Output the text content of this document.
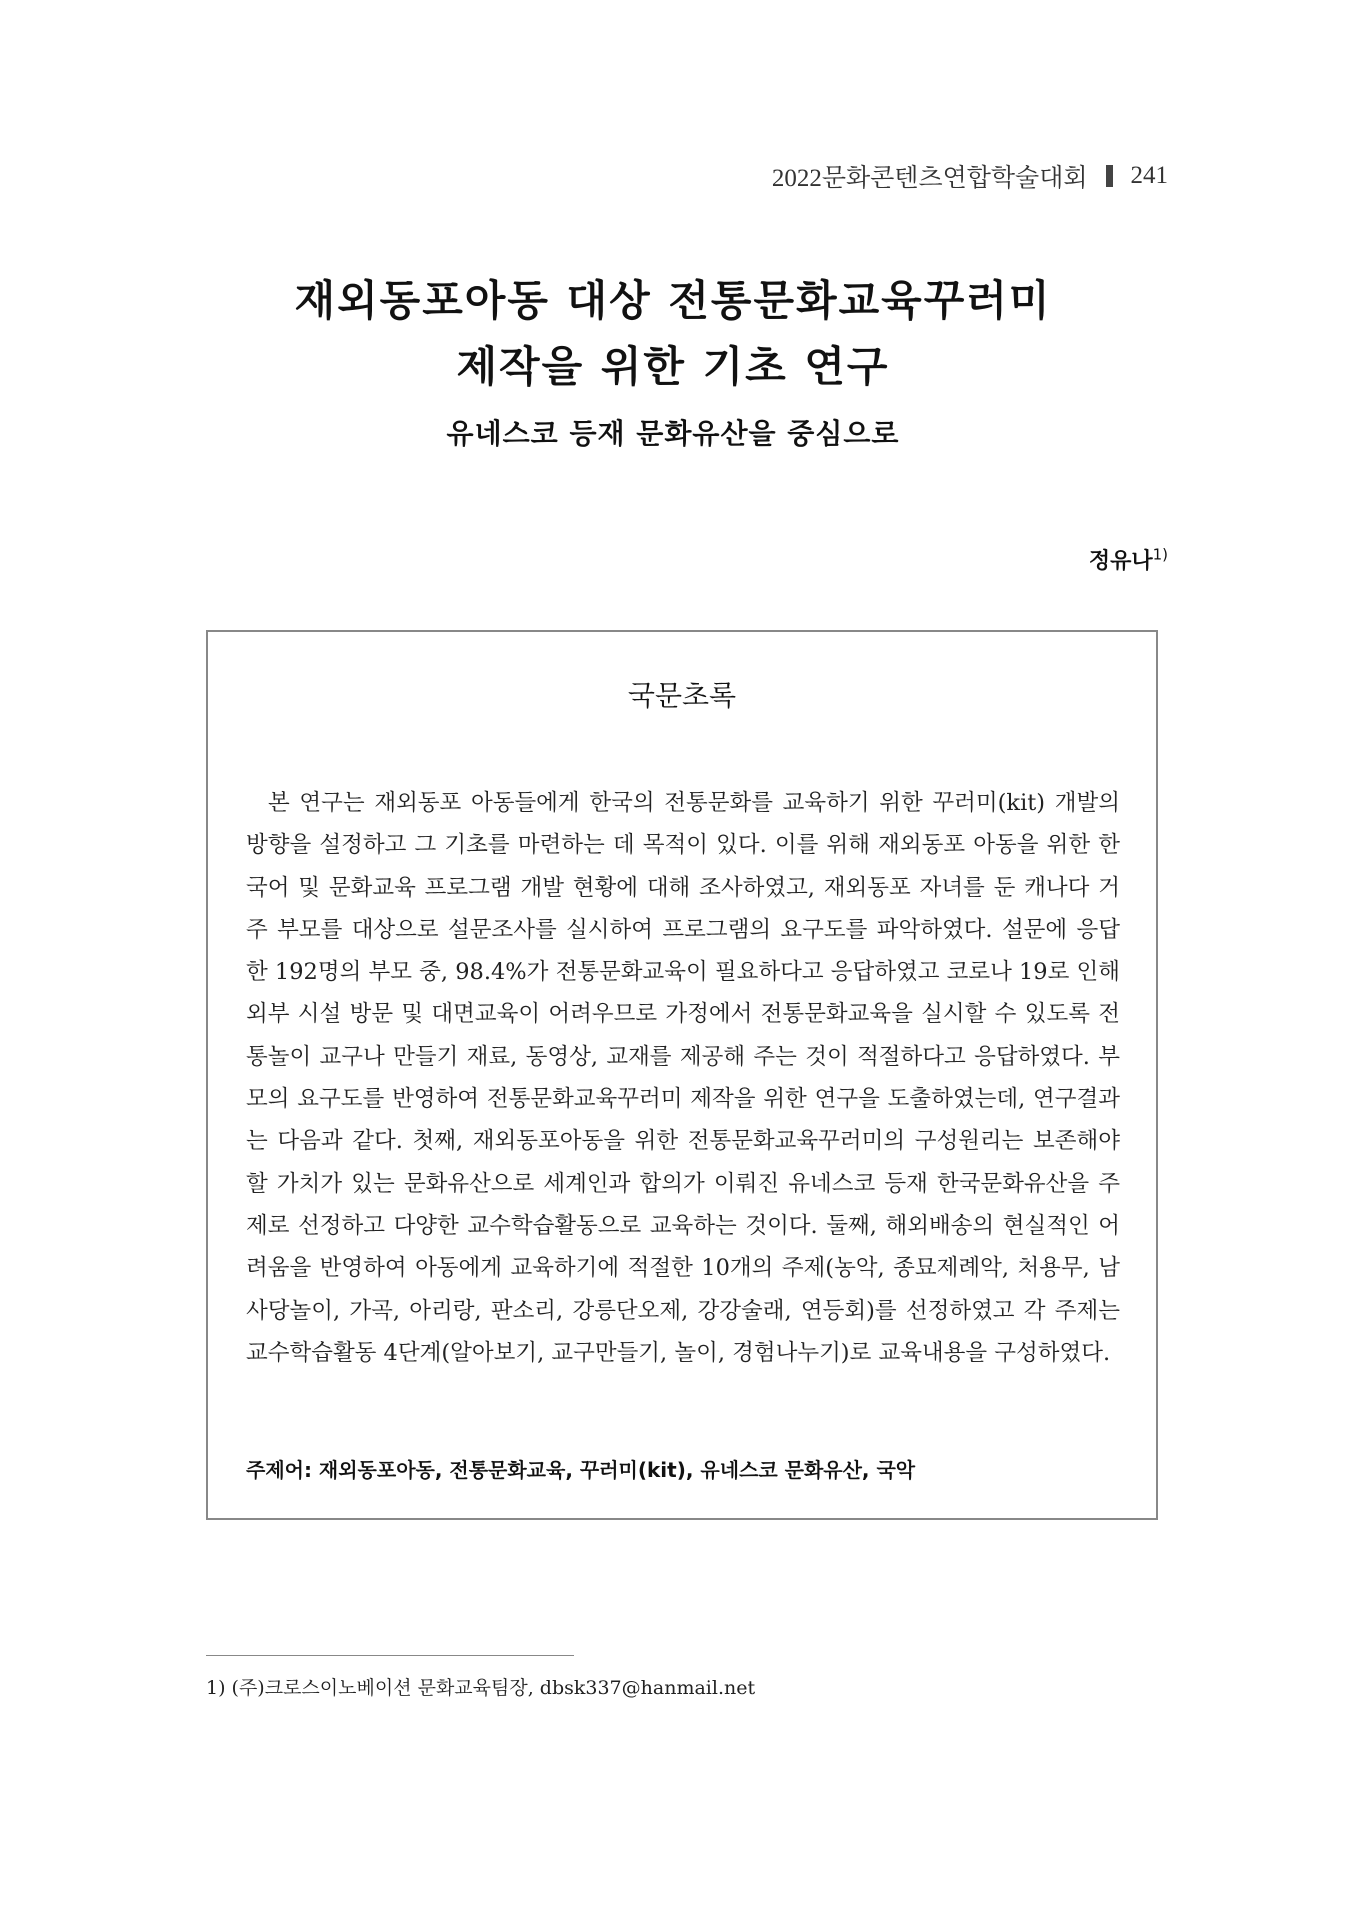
2022문화콘텐츠연합학술대회 241
재외동포아동 대상 전통문화교육꾸러미
제작을 위한 기초 연구
유네스코 등재 문화유산을 중심으로
정유나$^{1)}$
국문초록

본 연구는 재외동포 아동들에게 한국의 전통문화를 교육하기 위한 꾸러미(kit) 개발의 방향을 설정하고 그 기초를 마련하는 데 목적이 있다. 이를 위해 재외동포 아동을 위한 한국어 및 문화교육 프로그램 개발 현황에 대해 조사하였고, 재외동포 자녀를 둔 캐나다 거주 부모를 대상으로 설문조사를 실시하여 프로그램의 요구도를 파악하였다. 설문에 응답한 192명의 부모 중, 98.4%가 전통문화교육이 필요하다고 응답하였고 코로나 19로 인해 외부 시설 방문 및 대면교육이 어려우므로 가정에서 전통문화교육을 실시할 수 있도록 전통놀이 교구나 만들기 재료, 동영상, 교재를 제공해 주는 것이 적절하다고 응답하였다. 부모의 요구도를 반영하여 전통문화교육꾸러미 제작을 위한 연구을 도출하였는데, 연구결과는 다음과 같다. 첫째, 재외동포아동을 위한 전통문화교육꾸러미의 구성원리는 보존해야할 가치가 있는 문화유산으로 세계인과 합의가 이뤄진 유네스코 등재 한국문화유산을 주제로 선정하고 다양한 교수학습활동으로 교육하는 것이다. 둘째, 해외배송의 현실적인 어려움을 반영하여 아동에게 교육하기에 적절한 10개의 주제(농악, 종묘제례악, 처용무, 남사당놀이, 가곡, 아리랑, 판소리, 강릉단오제, 강강술래, 연등회)를 선정하였고 각 주제는 교수학습활동 4단계(알아보기, 교구만들기, 놀이, 경험나누기)로 교육내용을 구성하였다.

주제어: 재외동포아동, 전통문화교육, 꾸러미(kit), 유네스코 문화유산, 국악
1) (주)크로스이노베이션 문화교육팀장, dbsk337@hanmail.net
